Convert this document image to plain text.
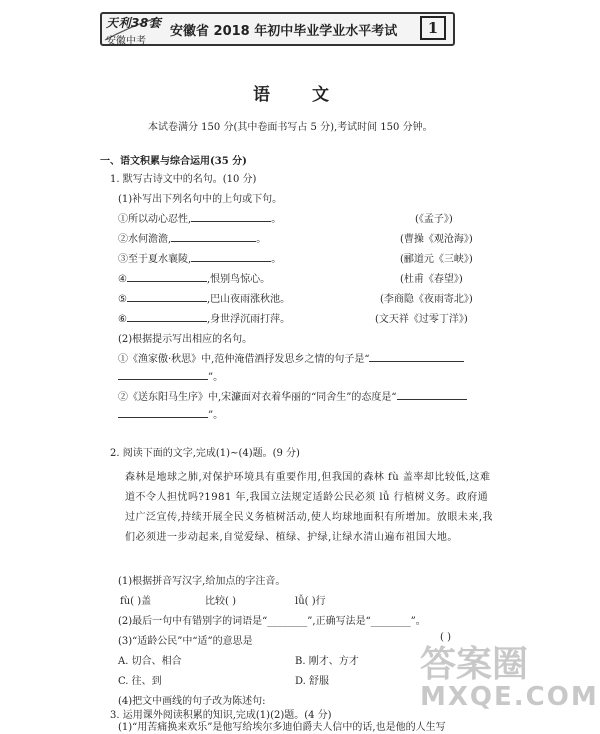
天利38套
安徽中考
安徽省 2018 年初中毕业学业水平考试	1
语 文
本试卷满分 150 分(其中卷面书写占 5 分),考试时间 150 分钟。
一、语文积累与综合运用(35 分)
1. 默写古诗文中的名句。(10 分)
(1)补写出下列名句中的上句或下句。
①所以动心忍性,	。	(《孟子》)
②水何澹澹,	。	(曹操《观沧海》)
③至于夏水襄陵,	。	(郦道元《三峡》)
④	,恨别鸟惊心。	(杜甫《春望》)
⑤	,巴山夜雨涨秋池。	(李商隐《夜雨寄北》)
⑥	,身世浮沉雨打萍。	(文天祥《过零丁洋》)
(2)根据提示写出相应的名句。
①《渔家傲·秋思》中,范仲淹借酒抒发思乡之情的句子是“
”。
②《送东阳马生序》中,宋濂面对衣着华丽的“同舍生”的态度是“
”。
2. 阅读下面的文字,完成(1)~(4)题。(9 分)
森林是地球之肺,对保护环境具有重要作用,但我国的森林 fù 盖率却比较低,这难道不令人担忧吗?1981 年,我国立法规定适龄公民必须 lǚ 行植树义务。政府通过广泛宣传,持续开展全民义务植树活动,使人均球地面积有所增加。放眼未来,我们必须进一步动起来,自觉爱绿、植绿、护绿,让绿水清山遍布祖国大地。
(1)根据拼音写汉字,给加点的字注音。
fù( )盖	比较( )	lǚ( )行
(2)最后一句中有错别字的词语是“________”,正确写法是“________”。
(3)“适龄公民”中“适”的意思是	( )
A. 切合、相合	B. 刚才、方才
C. 往、到	D. 舒服
(4)把文中画线的句子改为陈述句:
3. 运用课外阅读积累的知识,完成(1)(2)题。(4 分)
(1)“用苦痛换来欢乐”是他写给埃尔多迪伯爵夫人信中的话,也是他的人生写
答案圈
MXQE.COM
